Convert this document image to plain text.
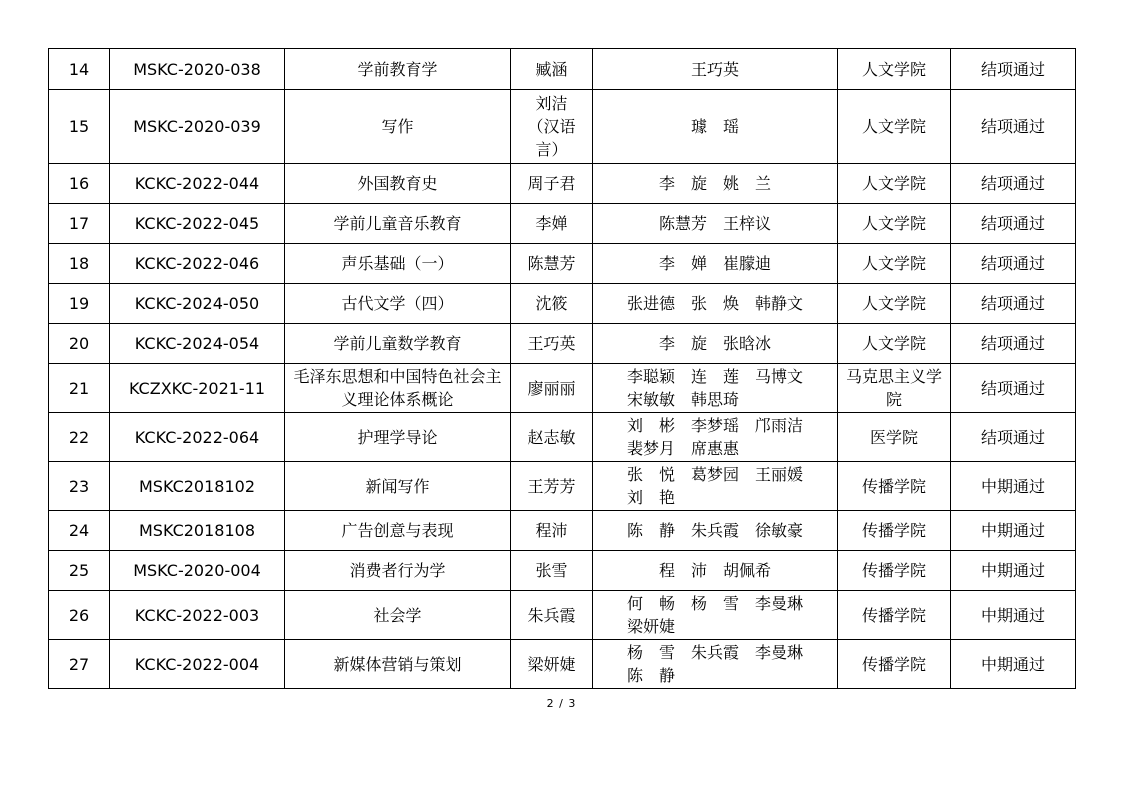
14	MSKC-2020-038	学前教育学	臧涵	王巧英	人文学院	结项通过
15	MSKC-2020-039	写作	刘洁
（汉语
言）	璩　瑶	人文学院	结项通过
16	KCKC-2022-044	外国教育史	周子君	李　旋　姚　兰	人文学院	结项通过
17	KCKC-2022-045	学前儿童音乐教育	李婵	陈慧芳　王梓议	人文学院	结项通过
18	KCKC-2022-046	声乐基础（一）	陈慧芳	李　婵　崔朦迪	人文学院	结项通过
19	KCKC-2024-050	古代文学（四）	沈筱	张进德　张　焕　韩静文	人文学院	结项通过
20	KCKC-2024-054	学前儿童数学教育	王巧英	李　旋　张晗冰	人文学院	结项通过
21	KCZXKC-2021-11	毛泽东思想和中国特色社会主义理论体系概论	廖丽丽	李聪颖　连　莲　马博文
宋敏敏　韩思琦	马克思主义学院	结项通过
22	KCKC-2022-064	护理学导论	赵志敏	刘　彬　李梦瑶　邝雨洁
裴梦月　席惠惠	医学院	结项通过
23	MSKC2018102	新闻写作	王芳芳	张　悦　葛梦园　王丽媛
刘　艳	传播学院	中期通过
24	MSKC2018108	广告创意与表现	程沛	陈　静　朱兵霞　徐敏豪	传播学院	中期通过
25	MSKC-2020-004	消费者行为学	张雪	程　沛　胡佩希	传播学院	中期通过
26	KCKC-2022-003	社会学	朱兵霞	何　畅　杨　雪　李曼琳
梁妍婕	传播学院	中期通过
27	KCKC-2022-004	新媒体营销与策划	梁妍婕	杨　雪　朱兵霞　李曼琳
陈　静	传播学院	中期通过
2 / 3
